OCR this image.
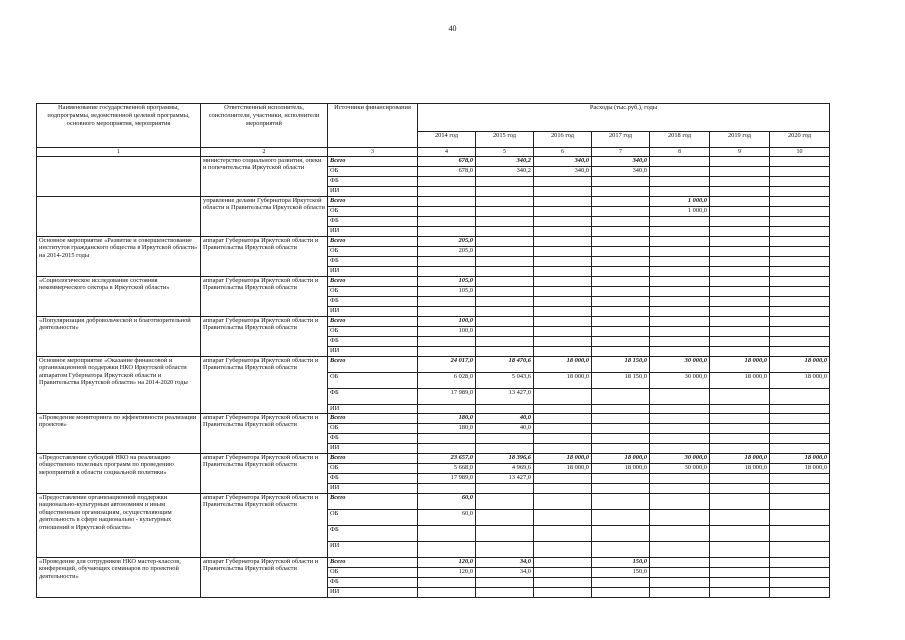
40
Наименование государственной программы, подпрограммы, ведомственной целевой программы, основного мероприятия, мероприятия	Ответственный исполнитель, соисполнители, участники, исполнители мероприятий	Источники финансирования	Расходы (тыс.руб.), годы						
			2014 год	2015 год	2016 год	2017 год	2018 год	2019 год	2020 год
1	2	3	4	5	6	7	8	9	10
	министерство социального развития, опеки и попечительства Иркутской области	Всего	678,0	340,2	340,0	340,0			
		ОБ	678,0	340,2	340,0	340,0			
		ФБ							
		ИИ							
	управление делами Губернатора Иркутской области и Правительства Иркутской области	Всего					1 000,0		
		ОБ					1 000,0		
		ФБ							
		ИИ							
Основное мероприятие «Развитие и совершенствование институтов гражданского общества в Иркутской области» на 2014-2015 годы	аппарат Губернатора Иркутской области и Правительства Иркутской области	Всего	205,0						
		ОБ	205,0						
		ФБ							
		ИИ							
«Социологическое исследование состояния некоммерческого сектора в Иркутской области»	аппарат Губернатора Иркутской области и Правительства Иркутской области	Всего	105,0						
		ОБ	105,0						
		ФБ							
		ИИ							
«Популяризация добровольческой и благотворительной деятельности»	аппарат Губернатора Иркутской области и Правительства Иркутской области	Всего	100,0						
		ОБ	100,0						
		ФБ							
		ИИ							
Основное мероприятие «Оказание финансовой и организационной поддержки НКО Иркутской области аппаратом Губернатора Иркутской области и Правительства Иркутской области» на 2014-2020 годы	аппарат Губернатора Иркутской области и Правительства Иркутской области	Всего	24 017,0	18 470,6	18 000,0	18 150,0	30 000,0	18 000,0	18 000,0
		ОБ	6 028,0	5 043,6	18 000,0	18 150,0	30 000,0	18 000,0	18 000,0
		ФБ	17 989,0	13 427,0					
		ИИ							
«Проведение мониторинга по эффективности реализации проектов»	аппарат Губернатора Иркутской области и Правительства Иркутской области	Всего	180,0	40,0					
		ОБ	180,0	40,0					
		ФБ							
		ИИ							
«Предоставление субсидий НКО на реализацию общественно полезных программ по проведению мероприятий в области социальной политики»	аппарат Губернатора Иркутской области и Правительства Иркутской области	Всего	23 657,0	18 396,6	18 000,0	18 000,0	30 000,0	18 000,0	18 000,0
		ОБ	5 668,0	4 969,6	18 000,0	18 000,0	30 000,0	18 000,0	18 000,0
		ФБ	17 989,0	13 427,0					
		ИИ							
«Предоставление организационной поддержки национально-культурным автономиям и иным общественным организациям, осуществляющим деятельность в сфере национально - культурных отношений в Иркутской области»	аппарат Губернатора Иркутской области и Правительства Иркутской области	Всего	60,0						
		ОБ	60,0						
		ФБ							
		ИИ							
«Проведение для сотрудников НКО мастер-классов, конференций, обучающих семинаров по проектной деятельности»	аппарат Губернатора Иркутской области и Правительства Иркутской области	Всего	120,0	34,0		150,0			
		ОБ	120,0	34,0		150,0			
		ФБ							
		ИИ							
